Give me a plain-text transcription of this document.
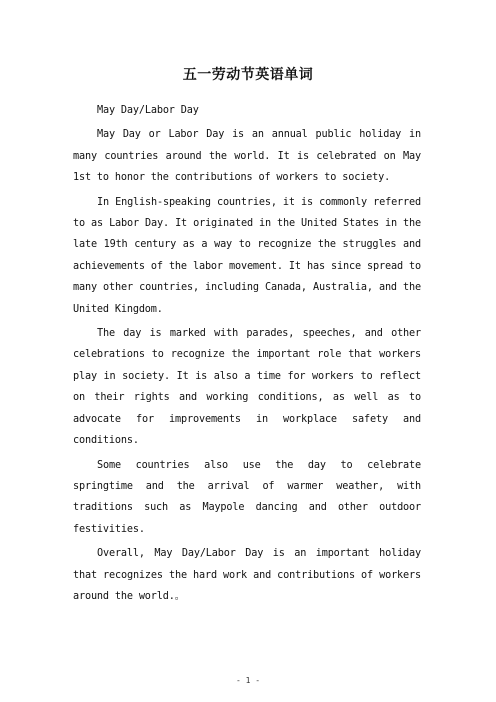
五一劳动节英语单词

May Day/Labor Day

May Day or Labor Day is an annual public holiday in many countries around the world. It is celebrated on May 1st to honor the contributions of workers to society.

In English-speaking countries, it is commonly referred to as Labor Day. It originated in the United States in the late 19th century as a way to recognize the struggles and achievements of the labor movement. It has since spread to many other countries, including Canada, Australia, and the United Kingdom.

The day is marked with parades, speeches, and other celebrations to recognize the important role that workers play in society. It is also a time for workers to reflect on their rights and working conditions, as well as to advocate for improvements in workplace safety and conditions.

Some countries also use the day to celebrate springtime and the arrival of warmer weather, with traditions such as Maypole dancing and other outdoor festivities.

Overall, May Day/Labor Day is an important holiday that recognizes the hard work and contributions of workers around the world.。

- 1 -
